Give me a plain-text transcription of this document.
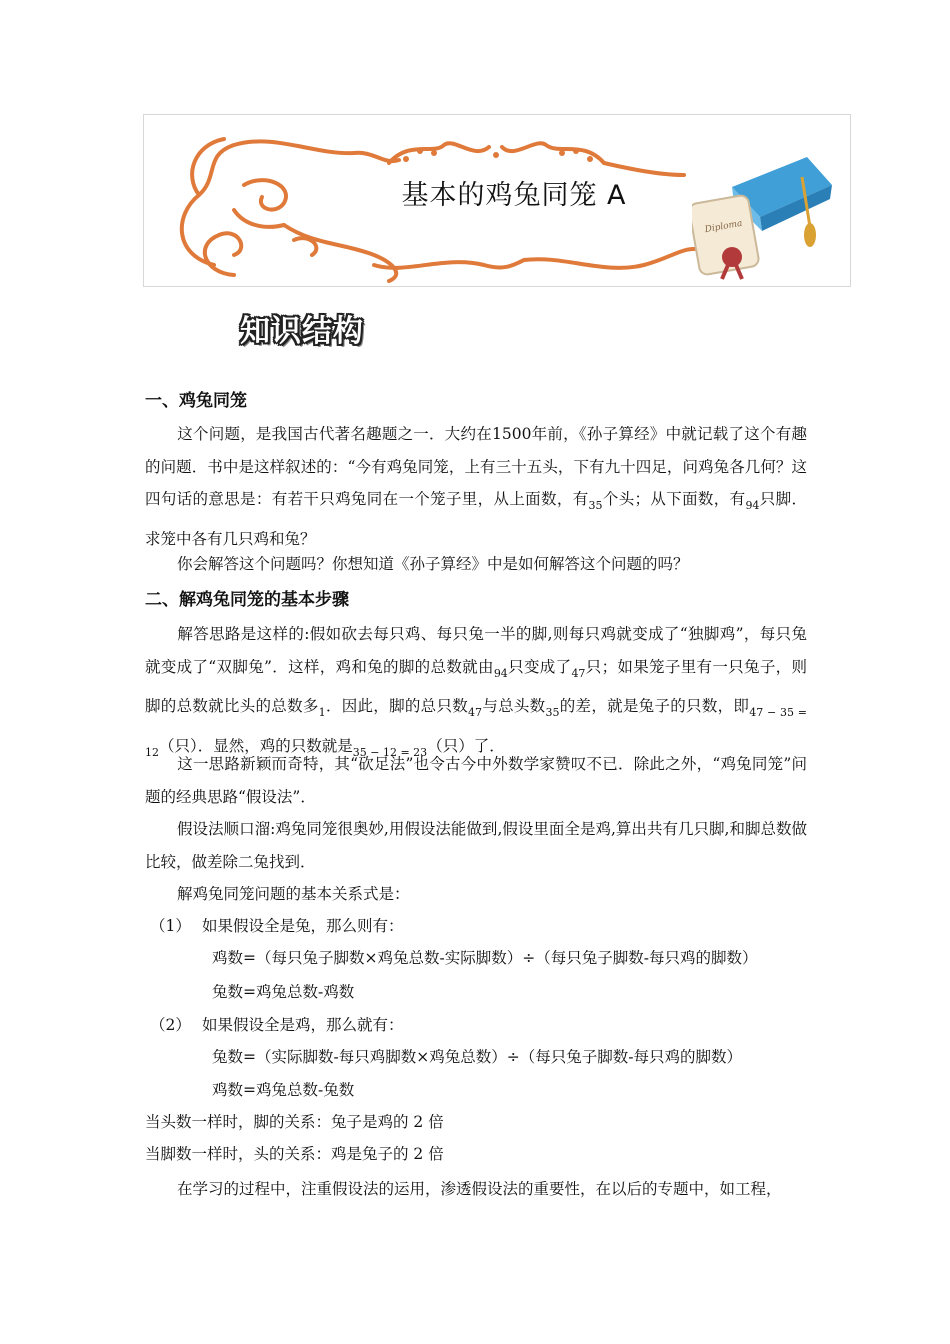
基本的鸡兔同笼 A
Diploma
知识结构
一、鸡兔同笼
这个问题，是我国古代著名趣题之一．大约在1500年前，《孙子算经》中就记载了这个有趣的问题．书中是这样叙述的：“今有鸡兔同笼，上有三十五头，下有九十四足，问鸡兔各几何？这四句话的意思是：有若干只鸡兔同在一个笼子里，从上面数，有$_{35}$个头；从下面数，有$_{94}$只脚．求笼中各有几只鸡和兔？
你会解答这个问题吗？你想知道《孙子算经》中是如何解答这个问题的吗？
二、解鸡兔同笼的基本步骤
解答思路是这样的:假如砍去每只鸡、每只兔一半的脚,则每只鸡就变成了“独脚鸡”，每只兔就变成了“双脚兔”．这样，鸡和兔的脚的总数就由$_{94}$只变成了$_{47}$只；如果笼子里有一只兔子，则脚的总数就比头的总数多$_1$．因此，脚的总只数$_{47}$与总头数$_{35}$的差，就是兔子的只数，即$_{47 - 35 = 12}$（只）．显然，鸡的只数就是$_{35 - 12 = 23}$（只）了．
这一思路新颖而奇特，其“砍足法”也令古今中外数学家赞叹不已．除此之外，“鸡兔同笼”问题的经典思路“假设法”．
假设法顺口溜:鸡兔同笼很奥妙,用假设法能做到,假设里面全是鸡,算出共有几只脚,和脚总数做比较，做差除二兔找到．
解鸡兔同笼问题的基本关系式是：
（1） 如果假设全是兔，那么则有：
鸡数=（每只兔子脚数×鸡兔总数-实际脚数）÷（每只兔子脚数-每只鸡的脚数）
兔数=鸡兔总数-鸡数
（2） 如果假设全是鸡，那么就有：
兔数=（实际脚数-每只鸡脚数×鸡兔总数）÷（每只兔子脚数-每只鸡的脚数）
鸡数=鸡兔总数-兔数
当头数一样时，脚的关系：兔子是鸡的 2 倍
当脚数一样时，头的关系：鸡是兔子的 2 倍
在学习的过程中，注重假设法的运用，渗透假设法的重要性，在以后的专题中，如工程，
